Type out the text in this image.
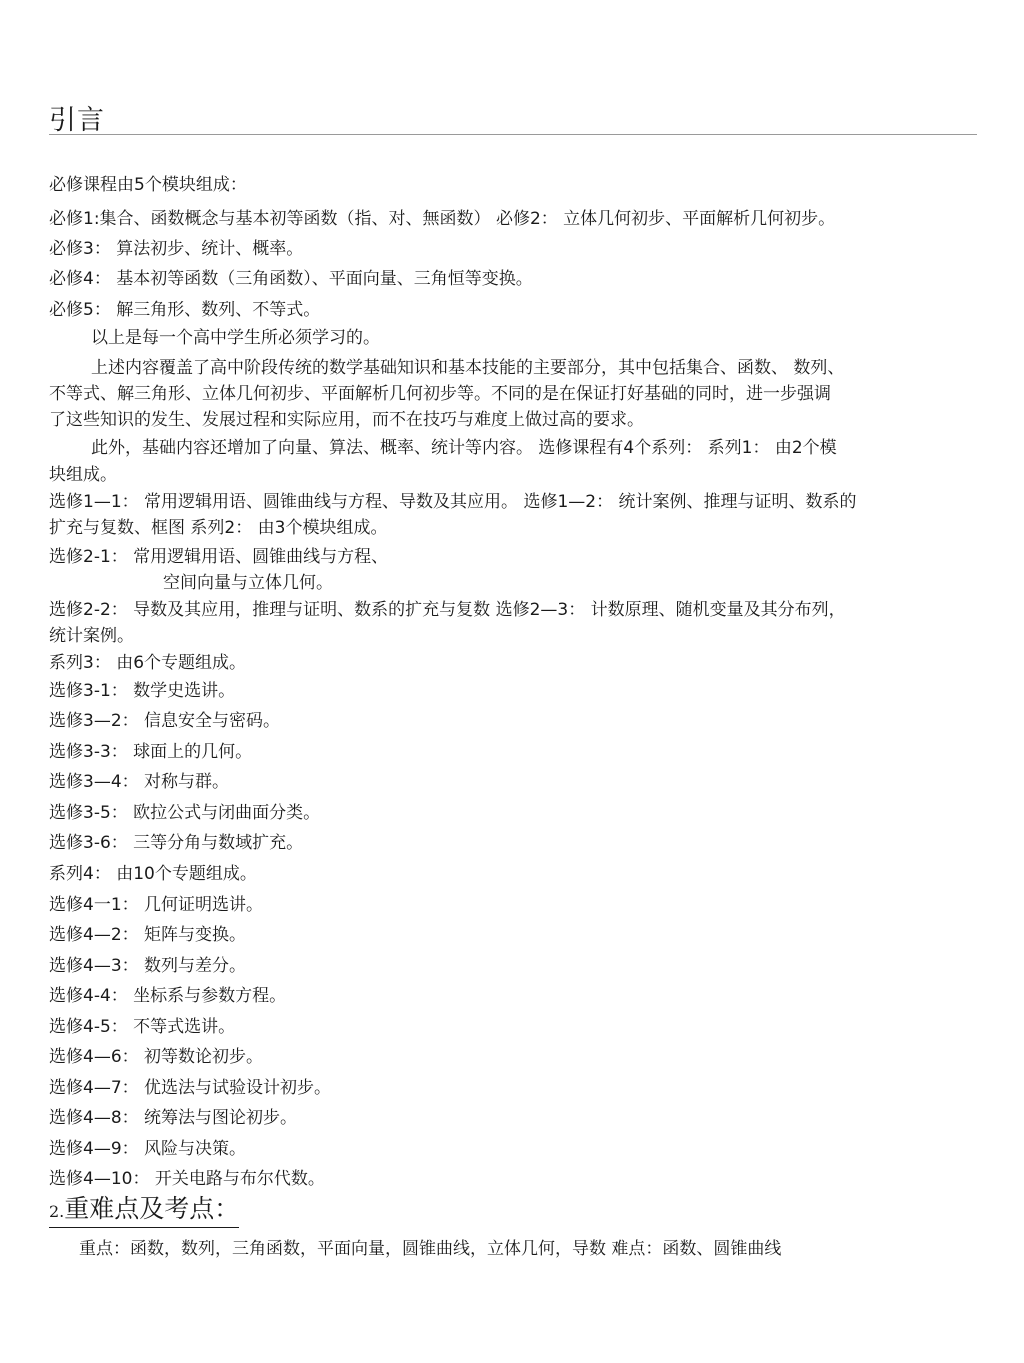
引言
必修课程由5个模块组成：
必修1:集合、函数概念与基本初等函数（指、对、無函数） 必修2： 立体几何初步、平面解析几何初步。
必修3： 算法初步、统计、概率。
必修4： 基本初等函数（三角函数）、平面向量、三角恒等变换。
必修5： 解三角形、数列、不等式。
以上是每一个高中学生所必须学习的。
上述内容覆盖了高中阶段传统的数学基础知识和基本技能的主要部分，其中包括集合、函数、 数列、
不等式、解三角形、立体几何初步、平面解析几何初步等。不同的是在保证打好基础的同时，进一步强调
了这些知识的发生、发展过程和实际应用，而不在技巧与难度上做过高的要求。
此外，基础内容还增加了向量、算法、概率、统计等内容。 选修课程有4个系列： 系列1： 由2个模
块组成。
选修1—1： 常用逻辑用语、圆锥曲线与方程、导数及其应用。 选修1—2： 统计案例、推理与证明、数系的
扩充与复数、框图 系列2： 由3个模块组成。
选修2-1： 常用逻辑用语、圆锥曲线与方程、
空间向量与立体几何。
选修2-2： 导数及其应用，推理与证明、数系的扩充与复数 选修2—3： 计数原理、随机变量及其分布列，
统计案例。
系列3： 由6个专题组成。
选修3-1： 数学史选讲。
选修3—2： 信息安全与密码。
选修3-3： 球面上的几何。
选修3—4： 对称与群。
选修3-5： 欧拉公式与闭曲面分类。
选修3-6： 三等分角与数域扩充。
系列4： 由10个专题组成。
选修4一1： 几何证明选讲。
选修4—2： 矩阵与变换。
选修4—3： 数列与差分。
选修4-4： 坐标系与参数方程。
选修4-5： 不等式选讲。
选修4—6： 初等数论初步。
选修4—7： 优选法与试验设计初步。
选修4—8： 统筹法与图论初步。
选修4—9： 风险与决策。
选修4—10： 开关电路与布尔代数。
2.重难点及考点：
重点：函数，数列，三角函数，平面向量，圆锥曲线，立体几何，导数 难点：函数、圆锥曲线
